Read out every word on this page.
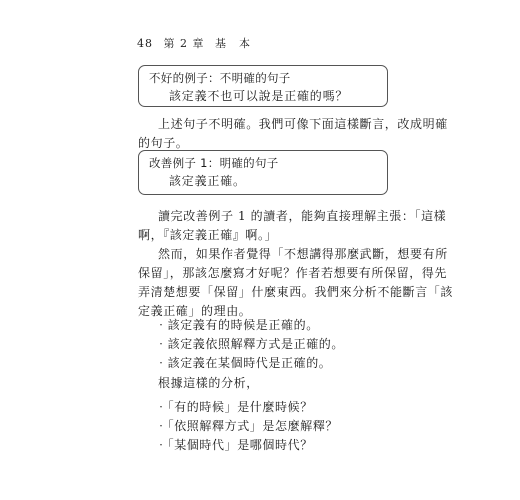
48 第 2 章 基　本
不好的例子：不明確的句子
該定義不也可以說是正確的嗎？
上述句子不明確。我們可像下面這樣斷言，改成明確
的句子。
改善例子 1：明確的句子
該定義正確。
讀完改善例子 1 的讀者，能夠直接理解主張：「這樣
啊，『該定義正確』啊。」
然而，如果作者覺得「不想講得那麼武斷，想要有所
保留」，那該怎麼寫才好呢？作者若想要有所保留，得先
弄清楚想要「保留」什麼東西。我們來分析不能斷言「該
定義正確」的理由。
‧該定義有的時候是正確的。
‧該定義依照解釋方式是正確的。
‧該定義在某個時代是正確的。
根據這樣的分析，
‧「有的時候」是什麼時候？
‧「依照解釋方式」是怎麼解釋？
‧「某個時代」是哪個時代？
